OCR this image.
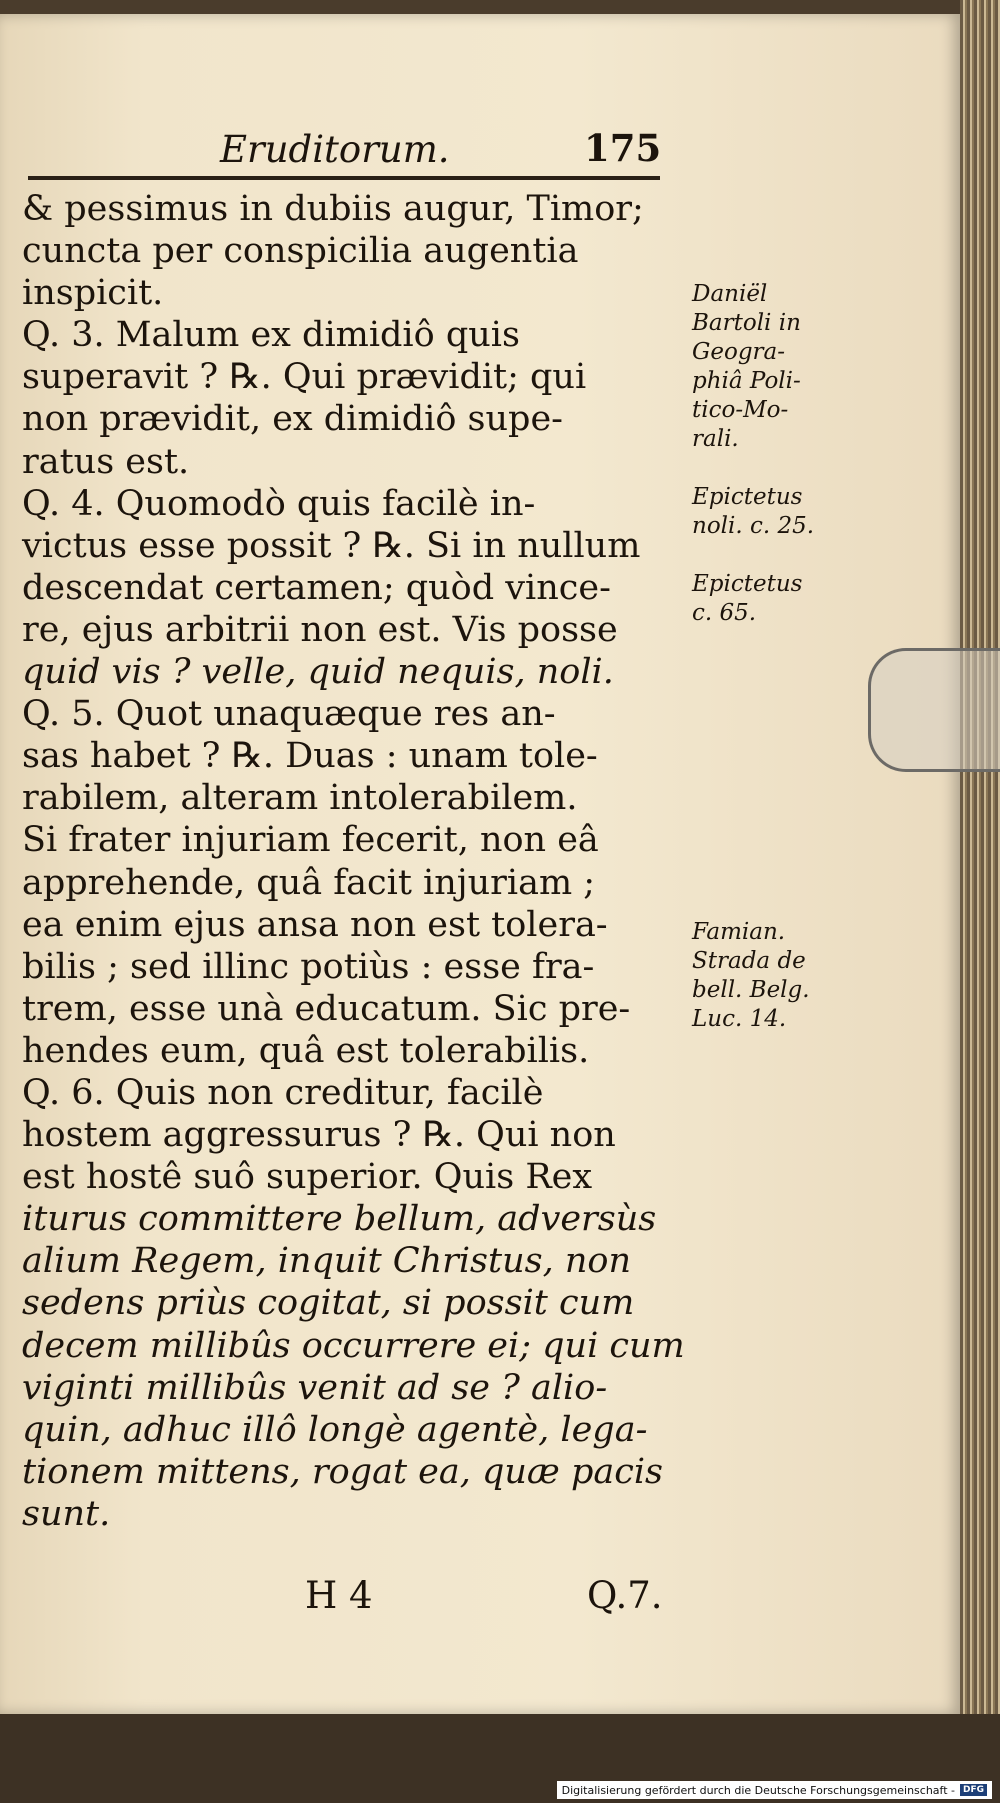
Eruditorum.	175
& pessimus in dubiis augur, Timor;
cuncta per conspicilia augentia
inspicit.
Q. 3. Malum ex dimidiô quis
superavit ? ℞. Qui prævidit; qui
non prævidit, ex dimidiô supe-
ratus est.
Q. 4. Quomodò quis facilè in-
victus esse possit ? ℞. Si in nullum
descendat certamen; quòd vince-
re, ejus arbitrii non est. Vis posse
quid vis ? velle, quid nequis, noli.
Q. 5. Quot unaquæque res an-
sas habet ? ℞. Duas : unam tole-
rabilem, alteram intolerabilem.
Si frater injuriam fecerit, non eâ
apprehende, quâ facit injuriam ;
ea enim ejus ansa non est tolera-
bilis ; sed illinc potiùs : esse fra-
trem, esse unà educatum. Sic pre-
hendes eum, quâ est tolerabilis.
Q. 6. Quis non creditur, facilè
hostem aggressurus ? ℞. Qui non
est hostê suô superior. Quis Rex
iturus committere bellum, adversùs
alium Regem, inquit Christus, non
sedens priùs cogitat, si possit cum
decem millibûs occurrere ei; qui cum
viginti millibûs venit ad se ? alio-
quin, adhuc illô longè agentè, lega-
tionem mittens, rogat ea, quæ pacis
sunt.
Daniël
Bartoli in
Geogra-
phiâ Poli-
tico-Mo-
rali.
Epictetus
noli. c. 25.
Epictetus
c. 65.
Famian.
Strada de
bell. Belg.
Luc. 14.
H 4	Q.7.
Digitalisierung gefördert durch die Deutsche Forschungsgemeinschaft - DFG
